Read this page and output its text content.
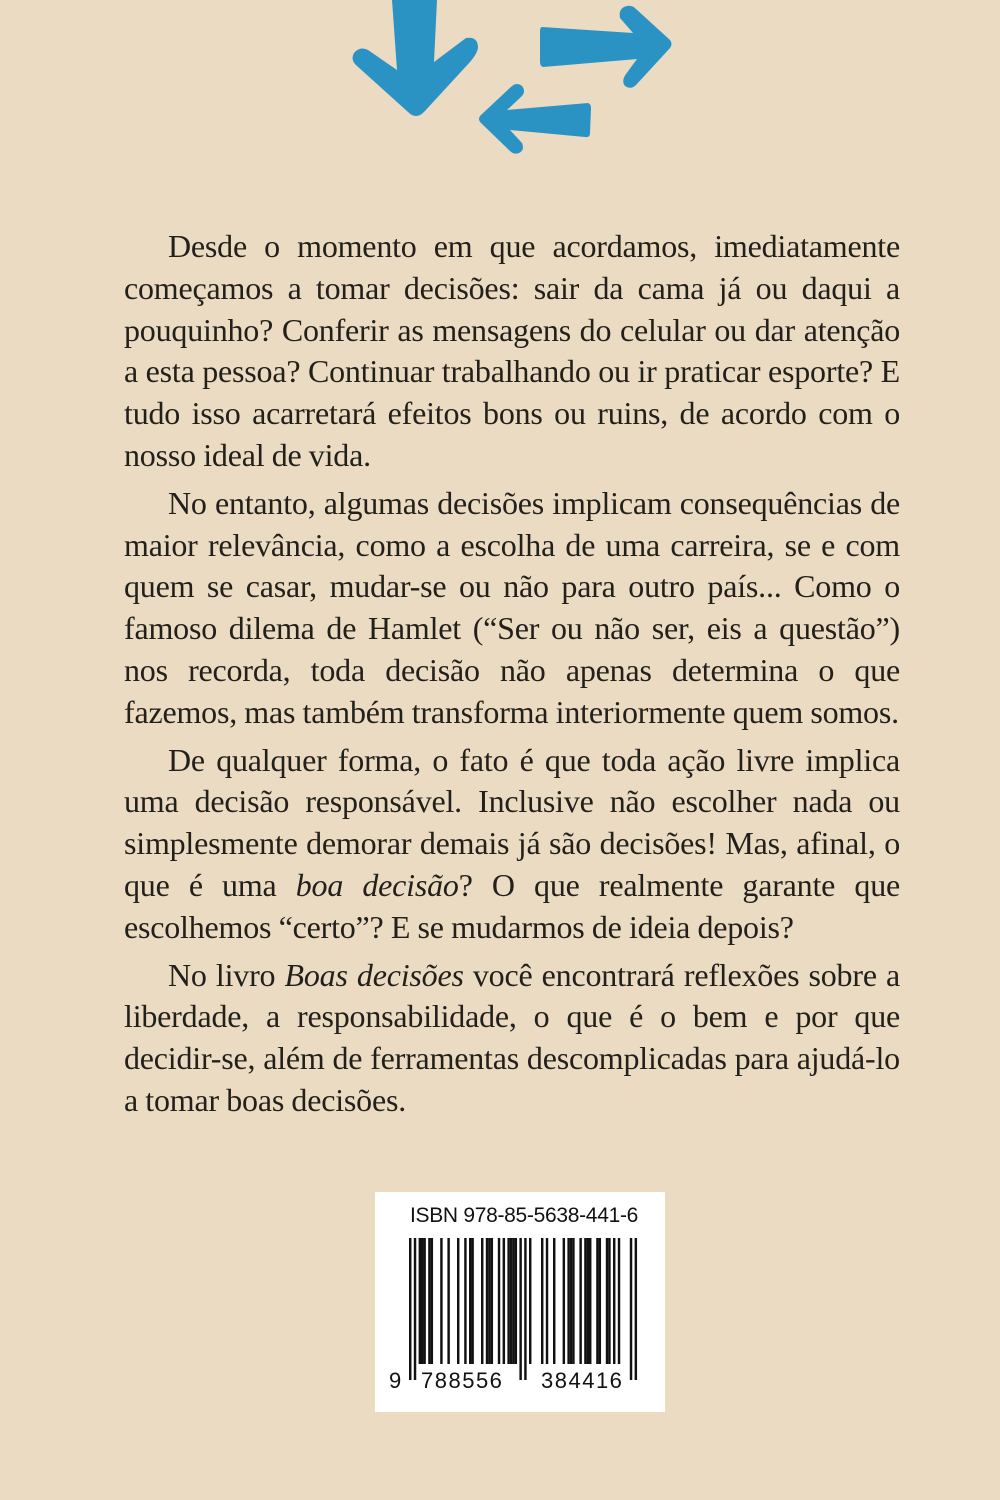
Desde o momento em que acordamos, imediatamente começamos a tomar decisões: sair da cama já ou daqui a pouquinho? Conferir as mensagens do celular ou dar atenção a esta pessoa? Continuar trabalhando ou ir praticar esporte? E tudo isso acarretará efeitos bons ou ruins, de acordo com o nosso ideal de vida.

No entanto, algumas decisões implicam consequências de maior relevância, como a escolha de uma carreira, se e com quem se casar, mudar-se ou não para outro país... Como o famoso dilema de Hamlet (“Ser ou não ser, eis a questão”) nos recorda, toda decisão não apenas determina o que fazemos, mas também transforma interiormente quem somos.

De qualquer forma, o fato é que toda ação livre implica uma decisão responsável. Inclusive não escolher nada ou simplesmente demorar demais já são decisões! Mas, afinal, o que é uma boa decisão? O que realmente garante que escolhemos “certo”? E se mudarmos de ideia depois?

No livro Boas decisões você encontrará reflexões sobre a liberdade, a responsabilidade, o que é o bem e por que decidir-se, além de ferramentas descomplicadas para ajudá-lo a tomar boas decisões.

ISBN 978-85-5638-441-6
9 788556 384416
